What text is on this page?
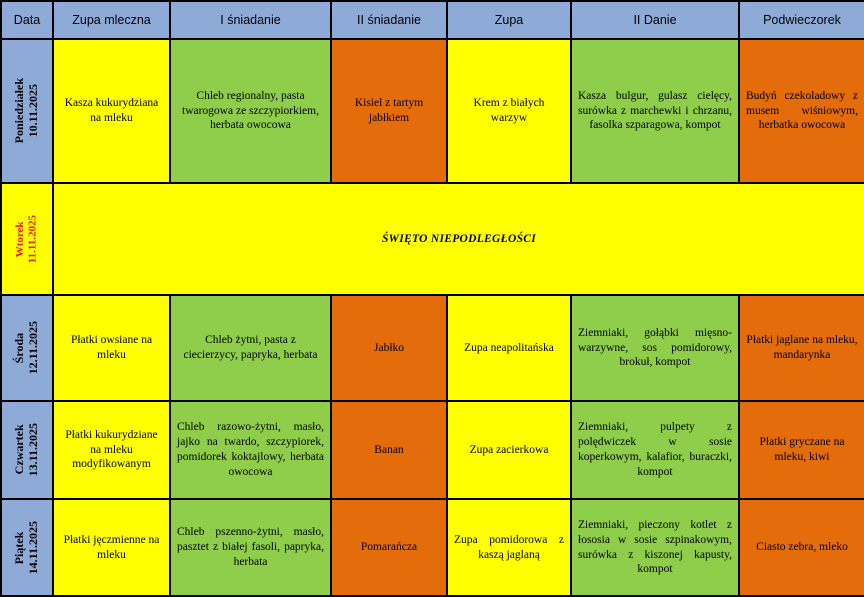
Data	Zupa mleczna	I śniadanie	II śniadanie	Zupa	II Danie	Podwieczorek

Poniedziałek 10.11.2025	Kasza kukurydziana na mleku	Chleb regionalny, pasta twarogowa ze szczypiorkiem, herbata owocowa	Kisiel z tartym jabłkiem	Krem z białych warzyw	Kasza bulgur, gulasz cielęcy, surówka z marchewki i chrzanu, fasolka szparagowa, kompot	Budyń czekoladowy z musem wiśniowym, herbatka owocowa

Wtorek 11.11.2025	ŚWIĘTO NIEPODLEGŁOŚCI					

Środa 12.11.2025	Płatki owsiane na mleku	Chleb żytni, pasta z ciecierzycy, papryka, herbata	Jabłko	Zupa neapolitańska	Ziemniaki, gołąbki mięsno-warzywne, sos pomidorowy, brokuł, kompot	Płatki jaglane na mleku, mandarynka

Czwartek 13.11.2025	Płatki kukurydziane na mleku modyfikowanym	Chleb razowo-żytni, masło, jajko na twardo, szczypiorek, pomidorek koktajlowy, herbata owocowa	Banan	Zupa zacierkowa	Ziemniaki, pulpety z polędwiczek w sosie koperkowym, kalafior, buraczki, kompot	Płatki gryczane na mleku, kiwi

Piątek 14.11.2025	Płatki jęczmienne na mleku	Chleb pszenno-żytni, masło, pasztet z białej fasoli, papryka, herbata	Pomarańcza	Zupa pomidorowa z kaszą jaglaną	Ziemniaki, pieczony kotlet z łososia w sosie szpinakowym, surówka z kiszonej kapusty, kompot	Ciasto zebra, mleko
